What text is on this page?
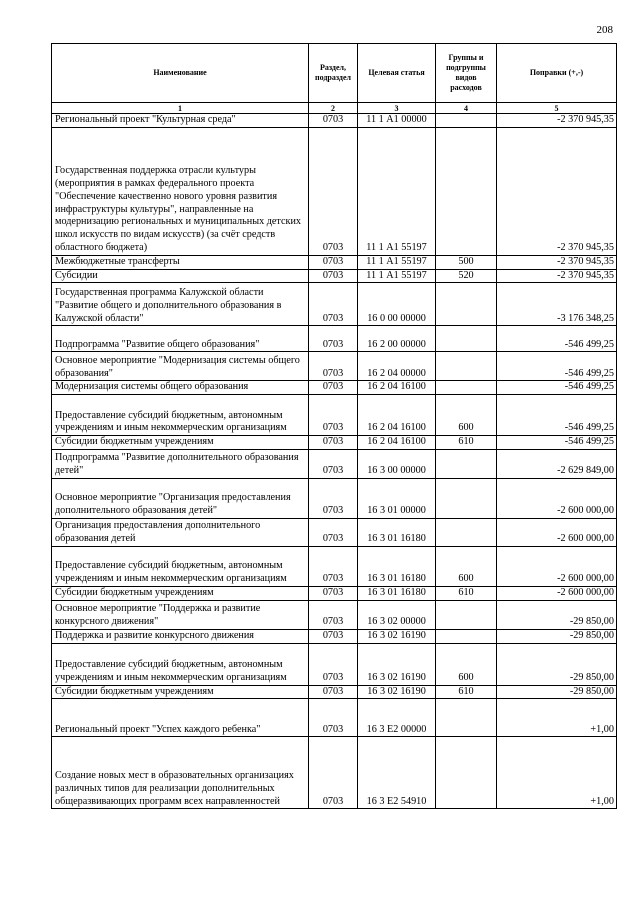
208
Наименование	Раздел, подраздел	Целевая статья	Группы и подгруппы видов расходов	Поправки (+,-)
1	2	3	4	5
Региональный проект "Культурная среда"	0703	11 1 А1 00000		-2 370 945,35
Государственная поддержка отрасли культуры (мероприятия в рамках федерального проекта "Обеспечение качественно нового уровня развития инфраструктуры культуры", направленные на модернизацию региональных и муниципальных детских школ искусств по видам искусств) (за счёт средств областного бюджета)	0703	11 1 А1 55197		-2 370 945,35
Межбюджетные трансферты	0703	11 1 А1 55197	500	-2 370 945,35
Субсидии	0703	11 1 А1 55197	520	-2 370 945,35
Государственная программа Калужской области "Развитие общего и дополнительного образования в Калужской области"	0703	16 0 00 00000		-3 176 348,25
Подпрограмма "Развитие общего образования"	0703	16 2 00 00000		-546 499,25
Основное мероприятие "Модернизация системы общего образования"	0703	16 2 04 00000		-546 499,25
Модернизация системы общего образования	0703	16 2 04 16100		-546 499,25
Предоставление субсидий бюджетным, автономным учреждениям и иным некоммерческим организациям	0703	16 2 04 16100	600	-546 499,25
Субсидии бюджетным учреждениям	0703	16 2 04 16100	610	-546 499,25
Подпрограмма "Развитие дополнительного образования детей"	0703	16 3 00 00000		-2 629 849,00
Основное мероприятие "Организация предоставления дополнительного образования детей"	0703	16 3 01 00000		-2 600 000,00
Организация предоставления дополнительного образования детей	0703	16 3 01 16180		-2 600 000,00
Предоставление субсидий бюджетным, автономным учреждениям и иным некоммерческим организациям	0703	16 3 01 16180	600	-2 600 000,00
Субсидии бюджетным учреждениям	0703	16 3 01 16180	610	-2 600 000,00
Основное мероприятие "Поддержка и развитие конкурсного движения"	0703	16 3 02 00000		-29 850,00
Поддержка и развитие конкурсного движения	0703	16 3 02 16190		-29 850,00
Предоставление субсидий бюджетным, автономным учреждениям и иным некоммерческим организациям	0703	16 3 02 16190	600	-29 850,00
Субсидии бюджетным учреждениям	0703	16 3 02 16190	610	-29 850,00
Региональный проект "Успех каждого ребенка"	0703	16 3 Е2 00000		+1,00
Создание новых мест в образовательных организациях различных типов для реализации дополнительных общеразвивающих программ всех направленностей	0703	16 3 Е2 54910		+1,00
